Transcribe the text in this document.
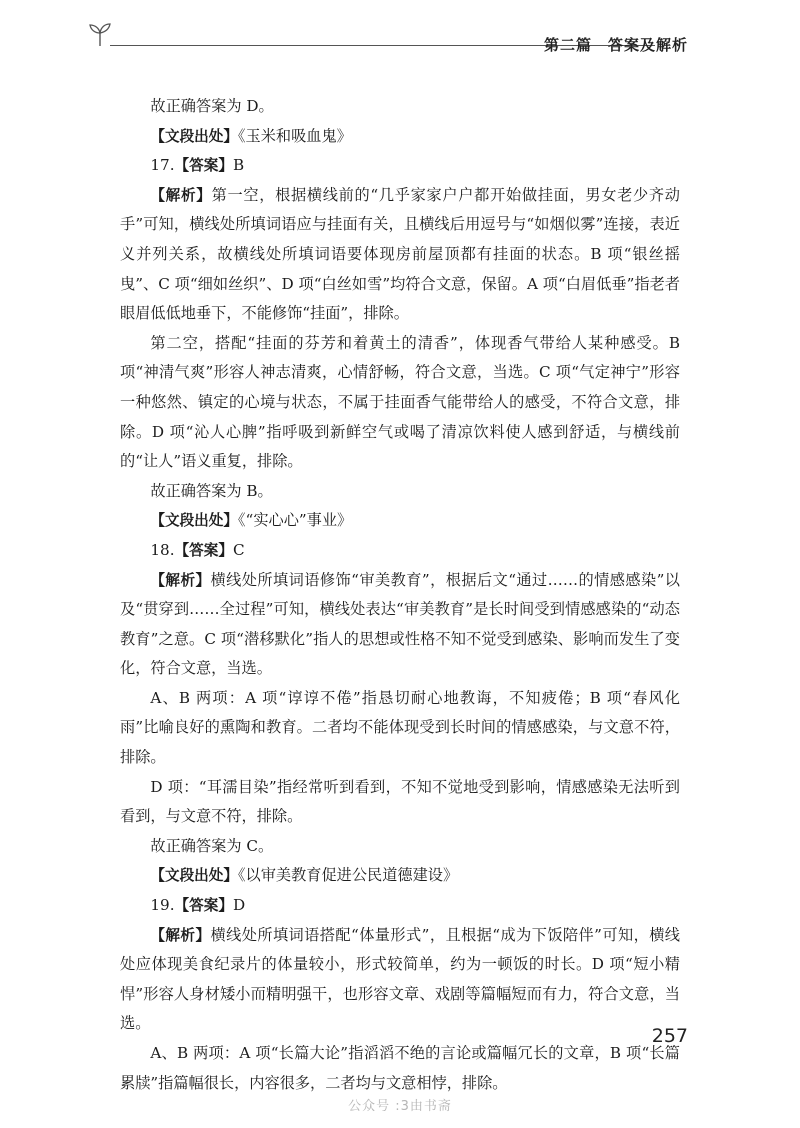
第二篇　答案及解析

故正确答案为 D。

【文段出处】《玉米和吸血鬼》

17.【答案】B

【解析】第一空，根据横线前的“几乎家家户户都开始做挂面，男女老少齐动手”可知，横线处所填词语应与挂面有关，且横线后用逗号与“如烟似雾”连接，表近义并列关系，故横线处所填词语要体现房前屋顶都有挂面的状态。B 项“银丝摇曳”、C 项“细如丝织”、D 项“白丝如雪”均符合文意，保留。A 项“白眉低垂”指老者眼眉低低地垂下，不能修饰“挂面”，排除。

第二空，搭配“挂面的芬芳和着黄土的清香”，体现香气带给人某种感受。B 项“神清气爽”形容人神志清爽，心情舒畅，符合文意，当选。C 项“气定神宁”形容一种悠然、镇定的心境与状态，不属于挂面香气能带给人的感受，不符合文意，排除。D 项“沁人心脾”指呼吸到新鲜空气或喝了清凉饮料使人感到舒适，与横线前的“让人”语义重复，排除。

故正确答案为 B。

【文段出处】《“实心心”事业》

18.【答案】C

【解析】横线处所填词语修饰“审美教育”，根据后文“通过……的情感感染”以及“贯穿到……全过程”可知，横线处表达“审美教育”是长时间受到情感感染的“动态教育”之意。C 项“潜移默化”指人的思想或性格不知不觉受到感染、影响而发生了变化，符合文意，当选。

A、B 两项：A 项“谆谆不倦”指恳切耐心地教诲，不知疲倦；B 项“春风化雨”比喻良好的熏陶和教育。二者均不能体现受到长时间的情感感染，与文意不符，排除。

D 项：“耳濡目染”指经常听到看到，不知不觉地受到影响，情感感染无法听到看到，与文意不符，排除。

故正确答案为 C。

【文段出处】《以审美教育促进公民道德建设》

19.【答案】D

【解析】横线处所填词语搭配“体量形式”，且根据“成为下饭陪伴”可知，横线处应体现美食纪录片的体量较小，形式较简单，约为一顿饭的时长。D 项“短小精悍”形容人身材矮小而精明强干，也形容文章、戏剧等篇幅短而有力，符合文意，当选。

A、B 两项：A 项“长篇大论”指滔滔不绝的言论或篇幅冗长的文章，B 项“长篇累牍”指篇幅很长，内容很多，二者均与文意相悖，排除。

257
公众号 :3由书斋
